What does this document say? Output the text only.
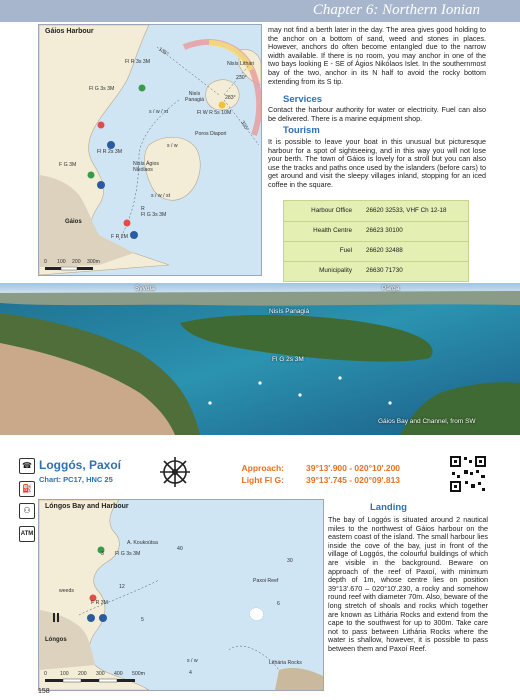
Chapter 6: Northern Ionian
Gáios Harbour
Fl R 3s 3M
Fl G 3s 3M
Nisís Lithári
Nisís
Panagiá
Fl W R 5s 10M
s / w / st
Poros Diapori
s / w
Fl R 2s 3M
F G 3M	Nisís Ágios
Nikólaos
s / w / st
R
Fl G 3s 3M
Gáios
F R 2M
135°
230°
283°
325°
0 100 200 300m
may not find a berth later in the day. The area gives good holding to the anchor on a bottom of sand, weed and stones in places. However, anchors do often become entangled due to the narrow width available. If there is no room, you may anchor in one of the two bays looking E - SE of Ágios Nikólaos Islet. In the southernmost bay of the two, anchor in its N half to avoid the rocky bottom extending from its S tip.
Services
Contact the harbour authority for water or electricity. Fuel can also be delivered. There is a marine equipment shop.
Tourism
It is possible to leave your boat in this unusual but picturesque harbour for a spot of sightseeing, and in this way you will not lose your berth. The town of Gáios is lovely for a stroll but you can also use the tracks and paths once used by the islanders (before cars) to get around and visit the sleepy villages inland, stopping for an iced coffee in the square.
Harbour Office 26620 32533, VHF Ch 12-18
Health Centre 26623 30100
Fuel 26620 32488
Municipality 26630 71730
Sývota	Párga
Nisís Panagiá
Fl G 2s 3M
Gáios Bay and Channel, from SW
☎
⛽
⚇
ATM
Loggós, Paxoí
Chart: PC17, HNC 25
Approach:	39°13'.900 - 020°10'.200
Light Fl G:	39°13'.745 - 020°09'.813
Lóngos Bay and Harbour
A. Koukoútsa
Fl G 3s 3M
weeds
F R 3M
Paxoi Reef
Lóngos
Lithária Rocks
s / w
40
30
12
3
4
5
6
0	100 200 300 400 500m
Landing
The bay of Loggós is situated around 2 nautical miles to the northwest of Gáios harbour on the eastern coast of the island. The small harbour lies inside the cove of the bay, just in front of the village of Loggós, the colourful buildings of which are visible in the background. Beware on approach of the reef of Paxoí, with minimum depth of 1m, whose centre lies on position 39°13'.670 – 020°10'.230, a rocky and somehow round reef with diameter 70m. Also, beware of the long stretch of shoals and rocks which together are known as Lithária Rocks and extend from the cape to the southwest for up to 300m. Take care not to pass between Lithária Rocks where the water is shallow, however, it is possible to pass between them and Paxoí Reef.
158
